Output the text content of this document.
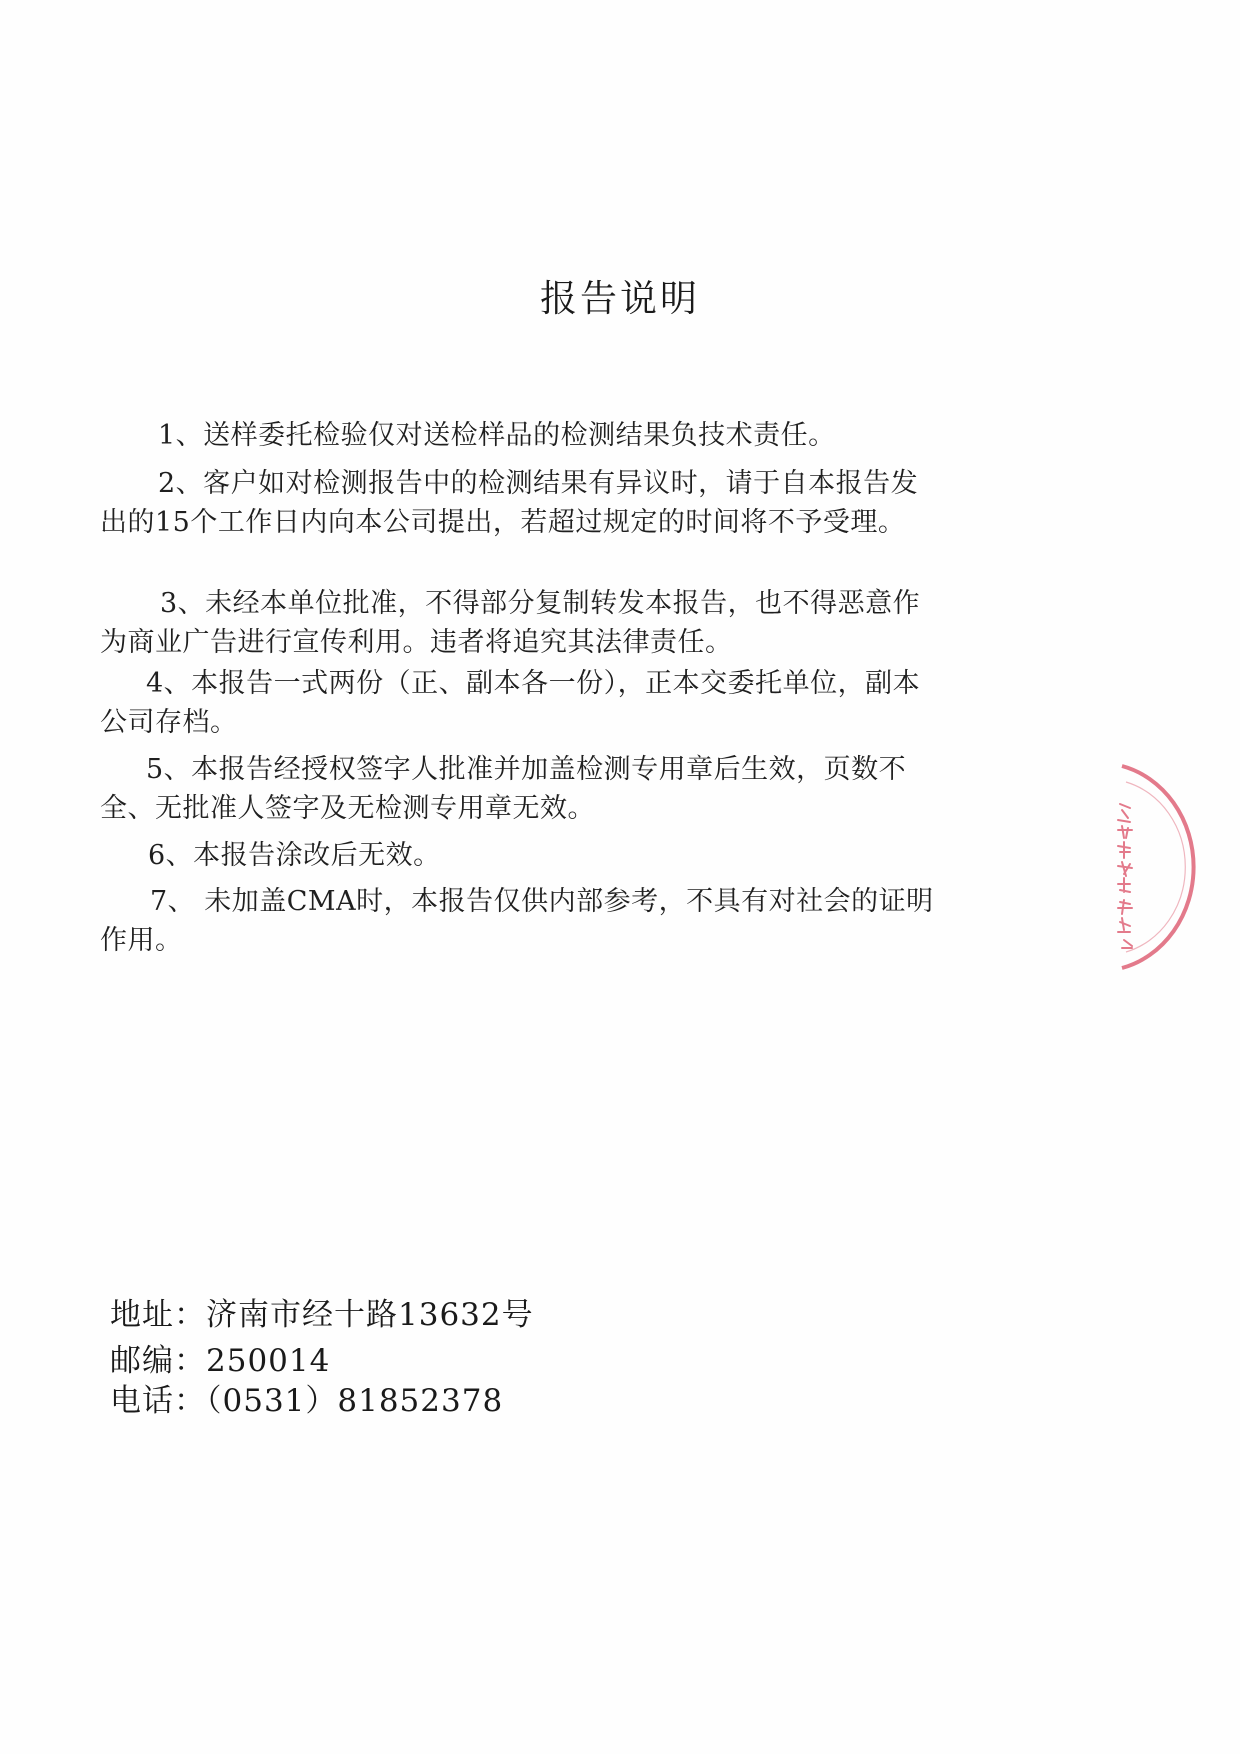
报告说明

1、送样委托检验仅对送检样品的检测结果负技术责任。

2、客户如对检测报告中的检测结果有异议时，请于自本报告发出的15个工作日内向本公司提出，若超过规定的时间将不予受理。

3、未经本单位批准，不得部分复制转发本报告，也不得恶意作为商业广告进行宣传利用。违者将追究其法律责任。

4、本报告一式两份（正、副本各一份），正本交委托单位，副本公司存档。

5、本报告经授权签字人批准并加盖检测专用章后生效，页数不全、无批准人签字及无检测专用章无效。

6、本报告涂改后无效。

7、 未加盖CMA时，本报告仅供内部参考，不具有对社会的证明作用。

地址：济南市经十路13632号

邮编：250014

电话：（0531）81852378
